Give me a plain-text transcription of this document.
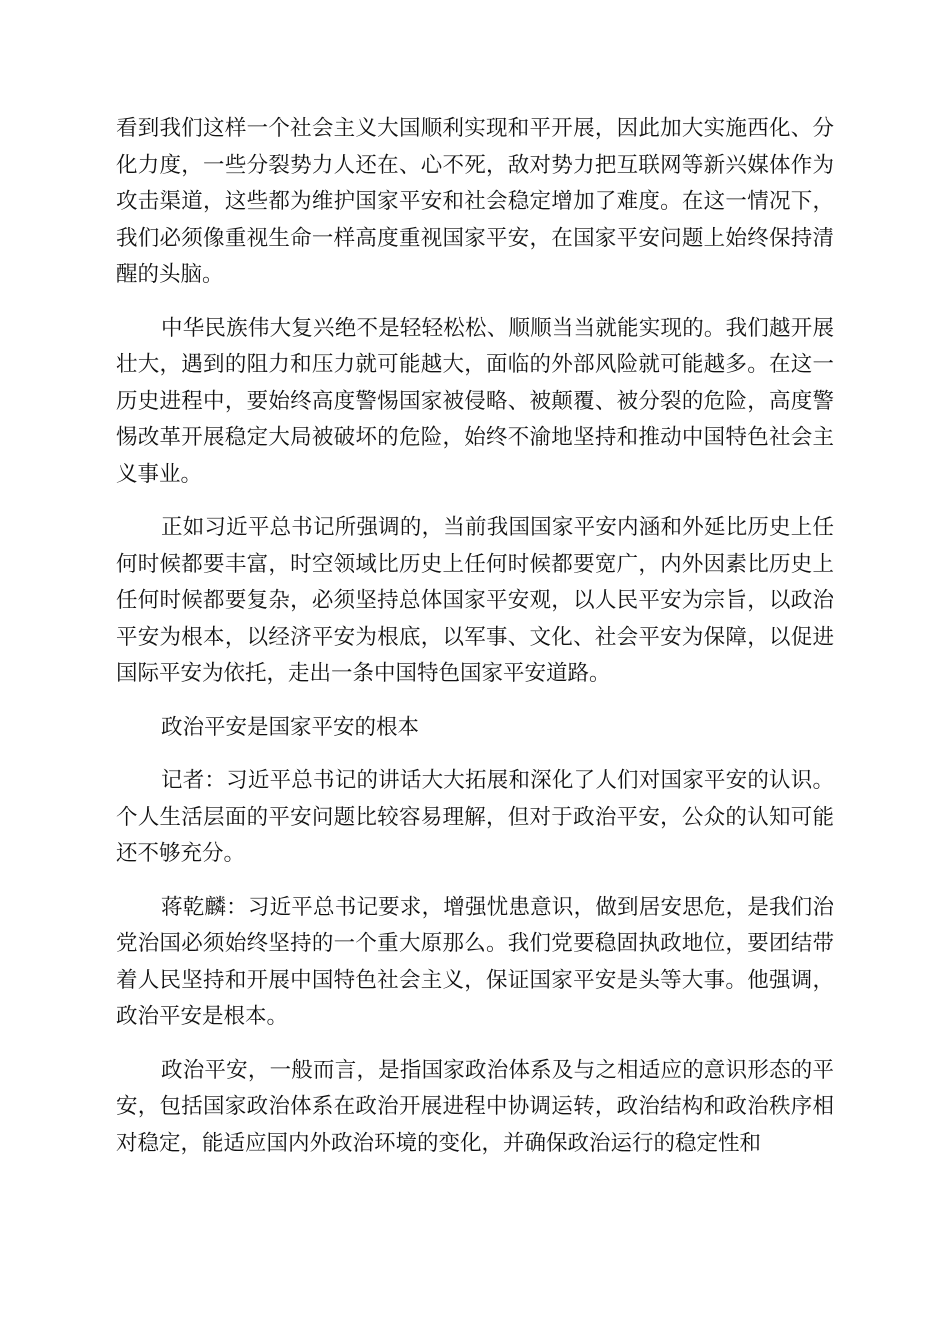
看到我们这样一个社会主义大国顺利实现和平开展，因此加大实施西化、分化力度，一些分裂势力人还在、心不死，敌对势力把互联网等新兴媒体作为攻击渠道，这些都为维护国家平安和社会稳定增加了难度。在这一情况下，我们必须像重视生命一样高度重视国家平安，在国家平安问题上始终保持清醒的头脑。

中华民族伟大复兴绝不是轻轻松松、顺顺当当就能实现的。我们越开展壮大，遇到的阻力和压力就可能越大，面临的外部风险就可能越多。在这一历史进程中，要始终高度警惕国家被侵略、被颠覆、被分裂的危险，高度警惕改革开展稳定大局被破坏的危险，始终不渝地坚持和推动中国特色社会主义事业。

正如习近平总书记所强调的，当前我国国家平安内涵和外延比历史上任何时候都要丰富，时空领域比历史上任何时候都要宽广，内外因素比历史上任何时候都要复杂，必须坚持总体国家平安观，以人民平安为宗旨，以政治平安为根本，以经济平安为根底，以军事、文化、社会平安为保障，以促进国际平安为依托，走出一条中国特色国家平安道路。

政治平安是国家平安的根本

记者：习近平总书记的讲话大大拓展和深化了人们对国家平安的认识。个人生活层面的平安问题比较容易理解，但对于政治平安，公众的认知可能还不够充分。

蒋乾麟：习近平总书记要求，增强忧患意识，做到居安思危，是我们治党治国必须始终坚持的一个重大原那么。我们党要稳固执政地位，要团结带着人民坚持和开展中国特色社会主义，保证国家平安是头等大事。他强调，政治平安是根本。

政治平安，一般而言，是指国家政治体系及与之相适应的意识形态的平安，包括国家政治体系在政治开展进程中协调运转，政治结构和政治秩序相对稳定，能适应国内外政治环境的变化，并确保政治运行的稳定性和
